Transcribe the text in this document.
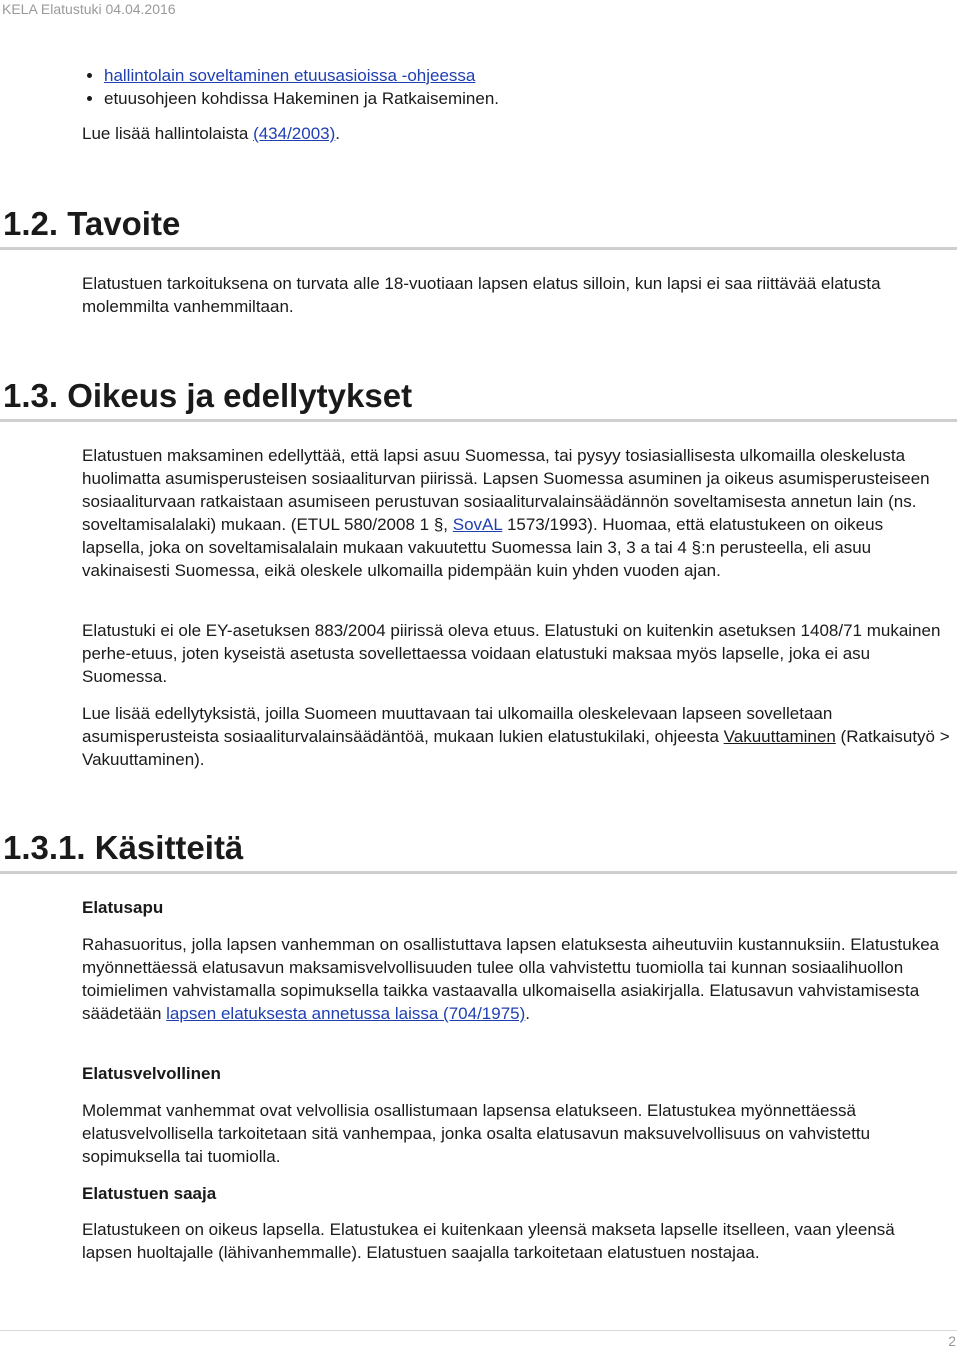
KELA Elatustuki 04.04.2016
• hallintolain soveltaminen etuusasioissa -ohjeessa
• etuusohjeen kohdissa Hakeminen ja Ratkaiseminen.

Lue lisää hallintolaista (434/2003).

1.2. Tavoite

Elatustuen tarkoituksena on turvata alle 18-vuotiaan lapsen elatus silloin, kun lapsi ei saa riittävää elatusta molemmilta vanhemmiltaan.

1.3. Oikeus ja edellytykset

Elatustuen maksaminen edellyttää, että lapsi asuu Suomessa, tai pysyy tosiasiallisesta ulkomailla oleskelusta huolimatta asumisperusteisen sosiaaliturvan piirissä. Lapsen Suomessa asuminen ja oikeus asumisperusteiseen sosiaaliturvaan ratkaistaan asumiseen perustuvan sosiaaliturvalainsäädännön soveltamisesta annetun lain (ns. soveltamisalalaki) mukaan. (ETUL 580/2008 1 §, SovAL 1573/1993). Huomaa, että elatustukeen on oikeus lapsella, joka on soveltamisalalain mukaan vakuutettu Suomessa lain 3, 3 a tai 4 §:n perusteella, eli asuu vakinaisesti Suomessa, eikä oleskele ulkomailla pidempään kuin yhden vuoden ajan.

Elatustuki ei ole EY-asetuksen 883/2004 piirissä oleva etuus. Elatustuki on kuitenkin asetuksen 1408/71 mukainen perhe-etuus, joten kyseistä asetusta sovellettaessa voidaan elatustuki maksaa myös lapselle, joka ei asu Suomessa.

Lue lisää edellytyksistä, joilla Suomeen muuttavaan tai ulkomailla oleskelevaan lapseen sovelletaan asumisperusteista sosiaaliturvalainsäädäntöä, mukaan lukien elatustukilaki, ohjeesta Vakuuttaminen (Ratkaisutyö > Vakuuttaminen).

1.3.1. Käsitteitä
Elatusapu

Rahasuoritus, jolla lapsen vanhemman on osallistuttava lapsen elatuksesta aiheutuviin kustannuksiin. Elatustukea myönnettäessä elatusavun maksamisvelvollisuuden tulee olla vahvistettu tuomiolla tai kunnan sosiaalihuollon toimielimen vahvistamalla sopimuksella taikka vastaavalla ulkomaisella asiakirjalla. Elatusavun vahvistamisesta säädetään lapsen elatuksesta annetussa laissa (704/1975).

Elatusvelvollinen

Molemmat vanhemmat ovat velvollisia osallistumaan lapsensa elatukseen. Elatustukea myönnettäessä elatusvelvollisella tarkoitetaan sitä vanhempaa, jonka osalta elatusavun maksuvelvollisuus on vahvistettu sopimuksella tai tuomiolla.

Elatustuen saaja

Elatustukeen on oikeus lapsella. Elatustukea ei kuitenkaan yleensä makseta lapselle itselleen, vaan yleensä lapsen huoltajalle (lähivanhemmalle). Elatustuen saajalla tarkoitetaan elatustuen nostajaa.

2
